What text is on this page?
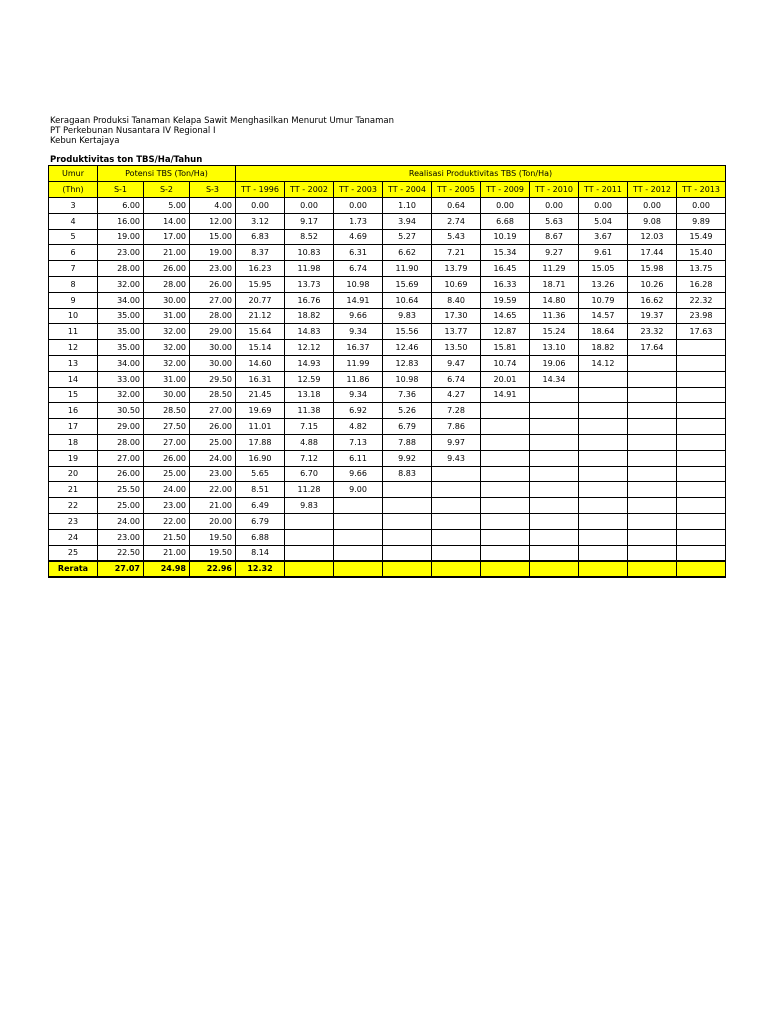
Keragaan Produksi Tanaman Kelapa Sawit Menghasilkan Menurut Umur Tanaman
PT Perkebunan Nusantara IV Regional I
Kebun Kertajaya
Produktivitas ton TBS/Ha/Tahun
Umur	Potensi TBS (Ton/Ha)			Realisasi Produktivitas TBS (Ton/Ha)									
(Thn)	S-1	S-2	S-3	TT - 1996	TT - 2002	TT - 2003	TT - 2004	TT - 2005	TT - 2009	TT - 2010	TT - 2011	TT - 2012	TT - 2013
3	6.00	5.00	4.00	0.00	0.00	0.00	1.10	0.64	0.00	0.00	0.00	0.00	0.00
4	16.00	14.00	12.00	3.12	9.17	1.73	3.94	2.74	6.68	5.63	5.04	9.08	9.89
5	19.00	17.00	15.00	6.83	8.52	4.69	5.27	5.43	10.19	8.67	3.67	12.03	15.49
6	23.00	21.00	19.00	8.37	10.83	6.31	6.62	7.21	15.34	9.27	9.61	17.44	15.40
7	28.00	26.00	23.00	16.23	11.98	6.74	11.90	13.79	16.45	11.29	15.05	15.98	13.75
8	32.00	28.00	26.00	15.95	13.73	10.98	15.69	10.69	16.33	18.71	13.26	10.26	16.28
9	34.00	30.00	27.00	20.77	16.76	14.91	10.64	8.40	19.59	14.80	10.79	16.62	22.32
10	35.00	31.00	28.00	21.12	18.82	9.66	9.83	17.30	14.65	11.36	14.57	19.37	23.98
11	35.00	32.00	29.00	15.64	14.83	9.34	15.56	13.77	12.87	15.24	18.64	23.32	17.63
12	35.00	32.00	30.00	15.14	12.12	16.37	12.46	13.50	15.81	13.10	18.82	17.64	
13	34.00	32.00	30.00	14.60	14.93	11.99	12.83	9.47	10.74	19.06	14.12		
14	33.00	31.00	29.50	16.31	12.59	11.86	10.98	6.74	20.01	14.34			
15	32.00	30.00	28.50	21.45	13.18	9.34	7.36	4.27	14.91				
16	30.50	28.50	27.00	19.69	11.38	6.92	5.26	7.28					
17	29.00	27.50	26.00	11.01	7.15	4.82	6.79	7.86					
18	28.00	27.00	25.00	17.88	4.88	7.13	7.88	9.97					
19	27.00	26.00	24.00	16.90	7.12	6.11	9.92	9.43					
20	26.00	25.00	23.00	5.65	6.70	9.66	8.83						
21	25.50	24.00	22.00	8.51	11.28	9.00							
22	25.00	23.00	21.00	6.49	9.83								
23	24.00	22.00	20.00	6.79									
24	23.00	21.50	19.50	6.88									
25	22.50	21.00	19.50	8.14									
Rerata	27.07	24.98	22.96	12.32									
